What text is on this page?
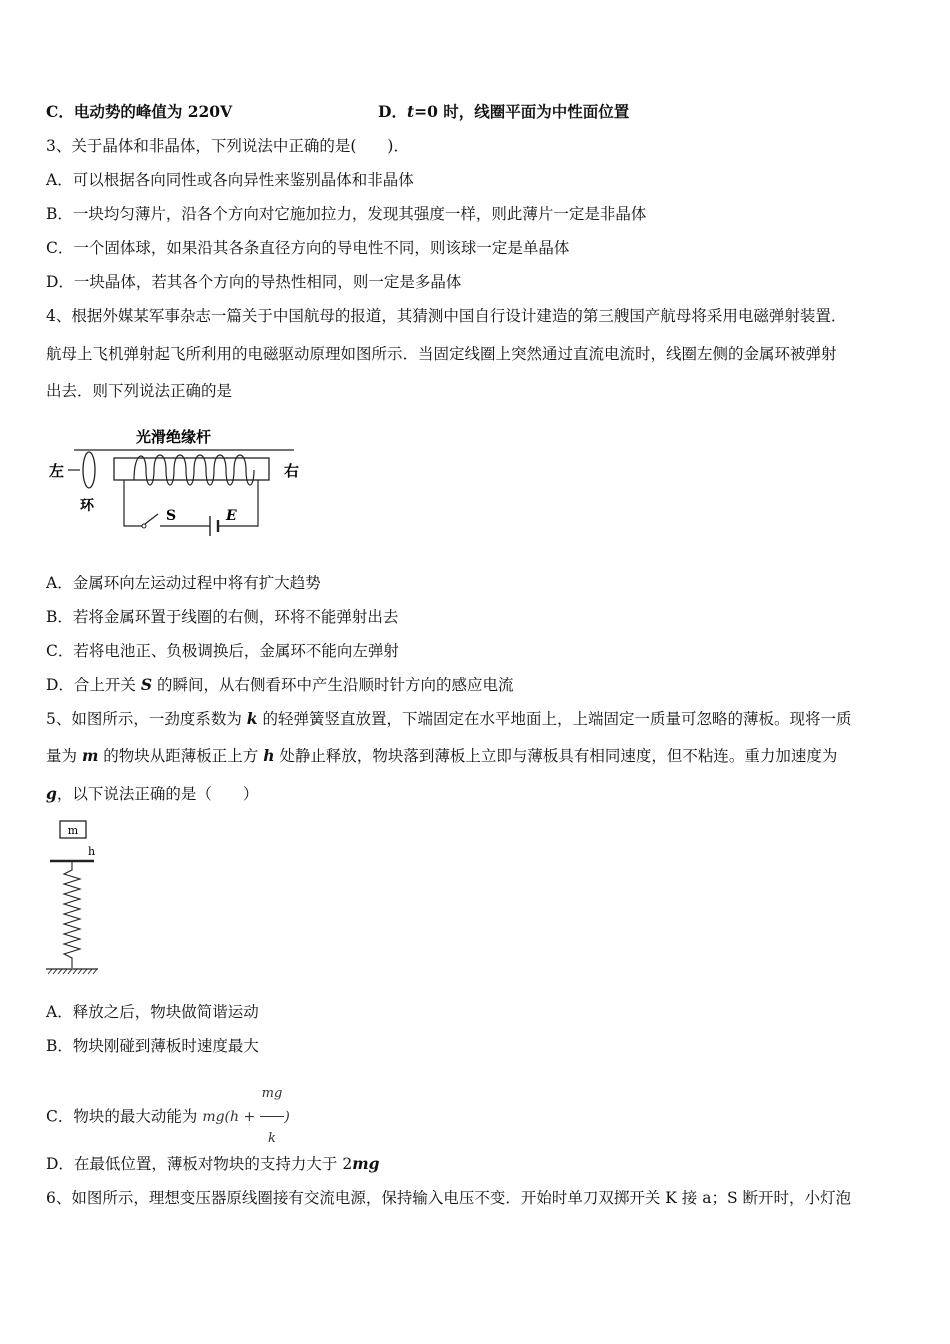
C．电动势的峰值为 220V	D．t=0 时，线圈平面为中性面位置
3、关于晶体和非晶体，下列说法中正确的是(　　)．
A．可以根据各向同性或各向异性来鉴别晶体和非晶体
B．一块均匀薄片，沿各个方向对它施加拉力，发现其强度一样，则此薄片一定是非晶体
C．一个固体球，如果沿其各条直径方向的导电性不同，则该球一定是单晶体
D．一块晶体，若其各个方向的导热性相同，则一定是多晶体
4、根据外媒某军事杂志一篇关于中国航母的报道，其猜测中国自行设计建造的第三艘国产航母将采用电磁弹射装置．
航母上飞机弹射起飞所利用的电磁驱动原理如图所示．当固定线圈上突然通过直流电流时，线圈左侧的金属环被弹射
出去．则下列说法正确的是
光滑绝缘杆
左
环
右
S	E
A．金属环向左运动过程中将有扩大趋势
B．若将金属环置于线圈的右侧，环将不能弹射出去
C．若将电池正、负极调换后，金属环不能向左弹射
D．合上开关 S 的瞬间，从右侧看环中产生沿顺时针方向的感应电流
5、如图所示，一劲度系数为 k 的轻弹簧竖直放置，下端固定在水平地面上，上端固定一质量可忽略的薄板。现将一质
量为 m 的物块从距薄板正上方 h 处静止释放，物块落到薄板上立即与薄板具有相同速度，但不粘连。重力加速度为
g，以下说法正确的是（　　）
m
h
A．释放之后，物块做简谐运动
B．物块刚碰到薄板时速度最大
C．物块的最大动能为 $mg(h + \frac{mg}{k}$ )
D．在最低位置，薄板对物块的支持力大于 2mg
6、如图所示，理想变压器原线圈接有交流电源，保持输入电压不变．开始时单刀双掷开关 K 接 a；S 断开时，小灯泡
